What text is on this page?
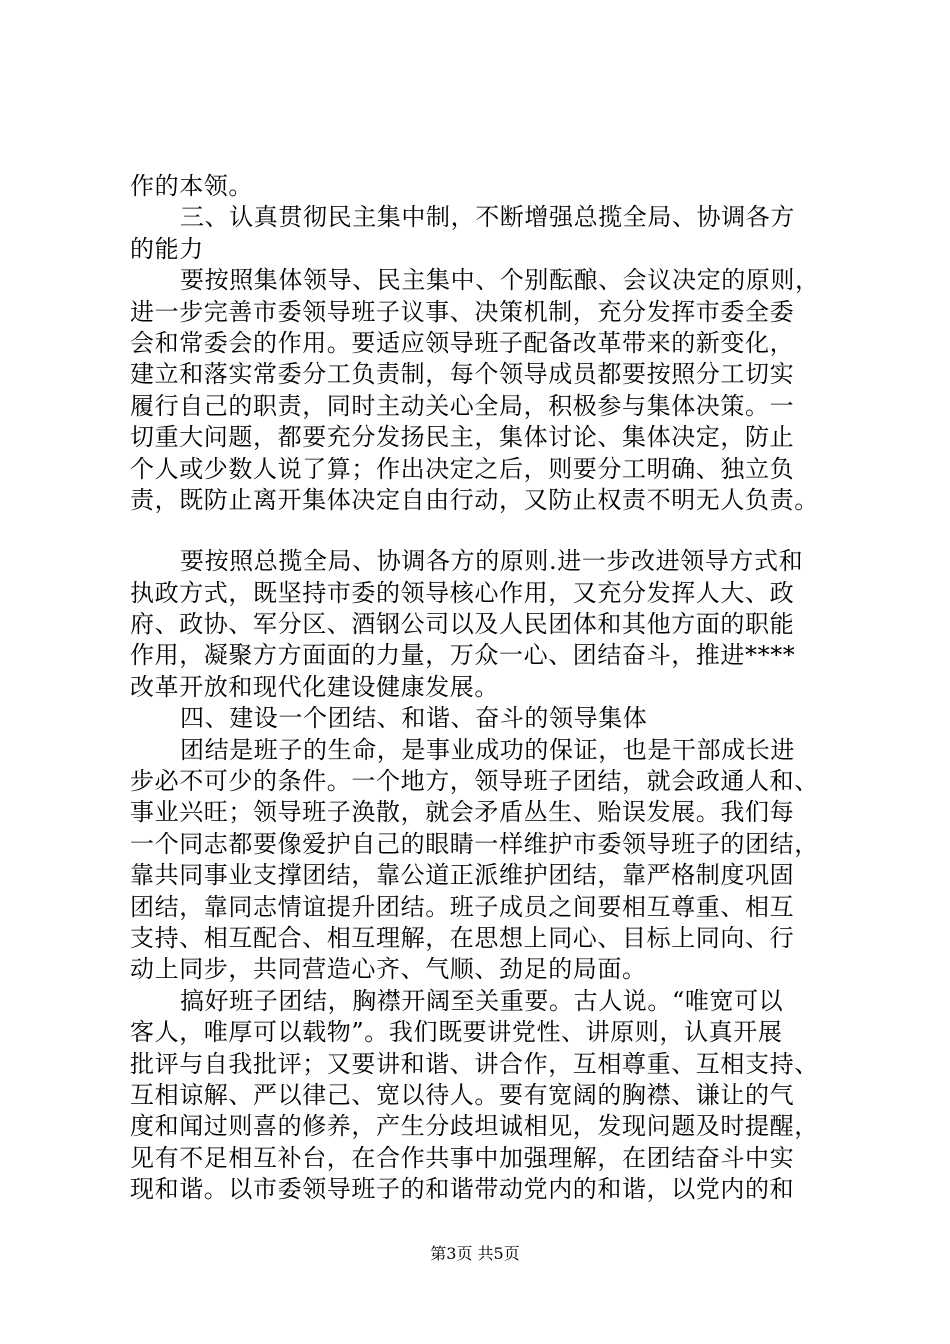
作的本领。
三、认真贯彻民主集中制，不断增强总揽全局、协调各方
的能力
要按照集体领导、民主集中、个别酝酿、会议决定的原则，
进一步完善市委领导班子议事、决策机制，充分发挥市委全委
会和常委会的作用。要适应领导班子配备改革带来的新变化，
建立和落实常委分工负责制，每个领导成员都要按照分工切实
履行自己的职责，同时主动关心全局，积极参与集体决策。一
切重大问题，都要充分发扬民主，集体讨论、集体决定，防止
个人或少数人说了算；作出决定之后，则要分工明确、独立负
责，既防止离开集体决定自由行动，又防止权责不明无人负责。
要按照总揽全局、协调各方的原则.进一步改进领导方式和
执政方式，既坚持市委的领导核心作用，又充分发挥人大、政
府、政协、军分区、酒钢公司以及人民团体和其他方面的职能
作用，凝聚方方面面的力量，万众一心、团结奋斗，推进****
改革开放和现代化建设健康发展。
四、建设一个团结、和谐、奋斗的领导集体
团结是班子的生命，是事业成功的保证，也是干部成长进
步必不可少的条件。一个地方，领导班子团结，就会政通人和、
事业兴旺；领导班子涣散，就会矛盾丛生、贻误发展。我们每
一个同志都要像爱护自己的眼睛一样维护市委领导班子的团结，
靠共同事业支撑团结，靠公道正派维护团结，靠严格制度巩固
团结，靠同志情谊提升团结。班子成员之间要相互尊重、相互
支持、相互配合、相互理解，在思想上同心、目标上同向、行
动上同步，共同营造心齐、气顺、劲足的局面。
搞好班子团结，胸襟开阔至关重要。古人说。“唯宽可以
客人，唯厚可以载物”。我们既要讲党性、讲原则，认真开展
批评与自我批评；又要讲和谐、讲合作，互相尊重、互相支持、
互相谅解、严以律己、宽以待人。要有宽阔的胸襟、谦让的气
度和闻过则喜的修养，产生分歧坦诚相见，发现问题及时提醒，
见有不足相互补台，在合作共事中加强理解，在团结奋斗中实
现和谐。以市委领导班子的和谐带动党内的和谐，以党内的和
第3页 共5页
